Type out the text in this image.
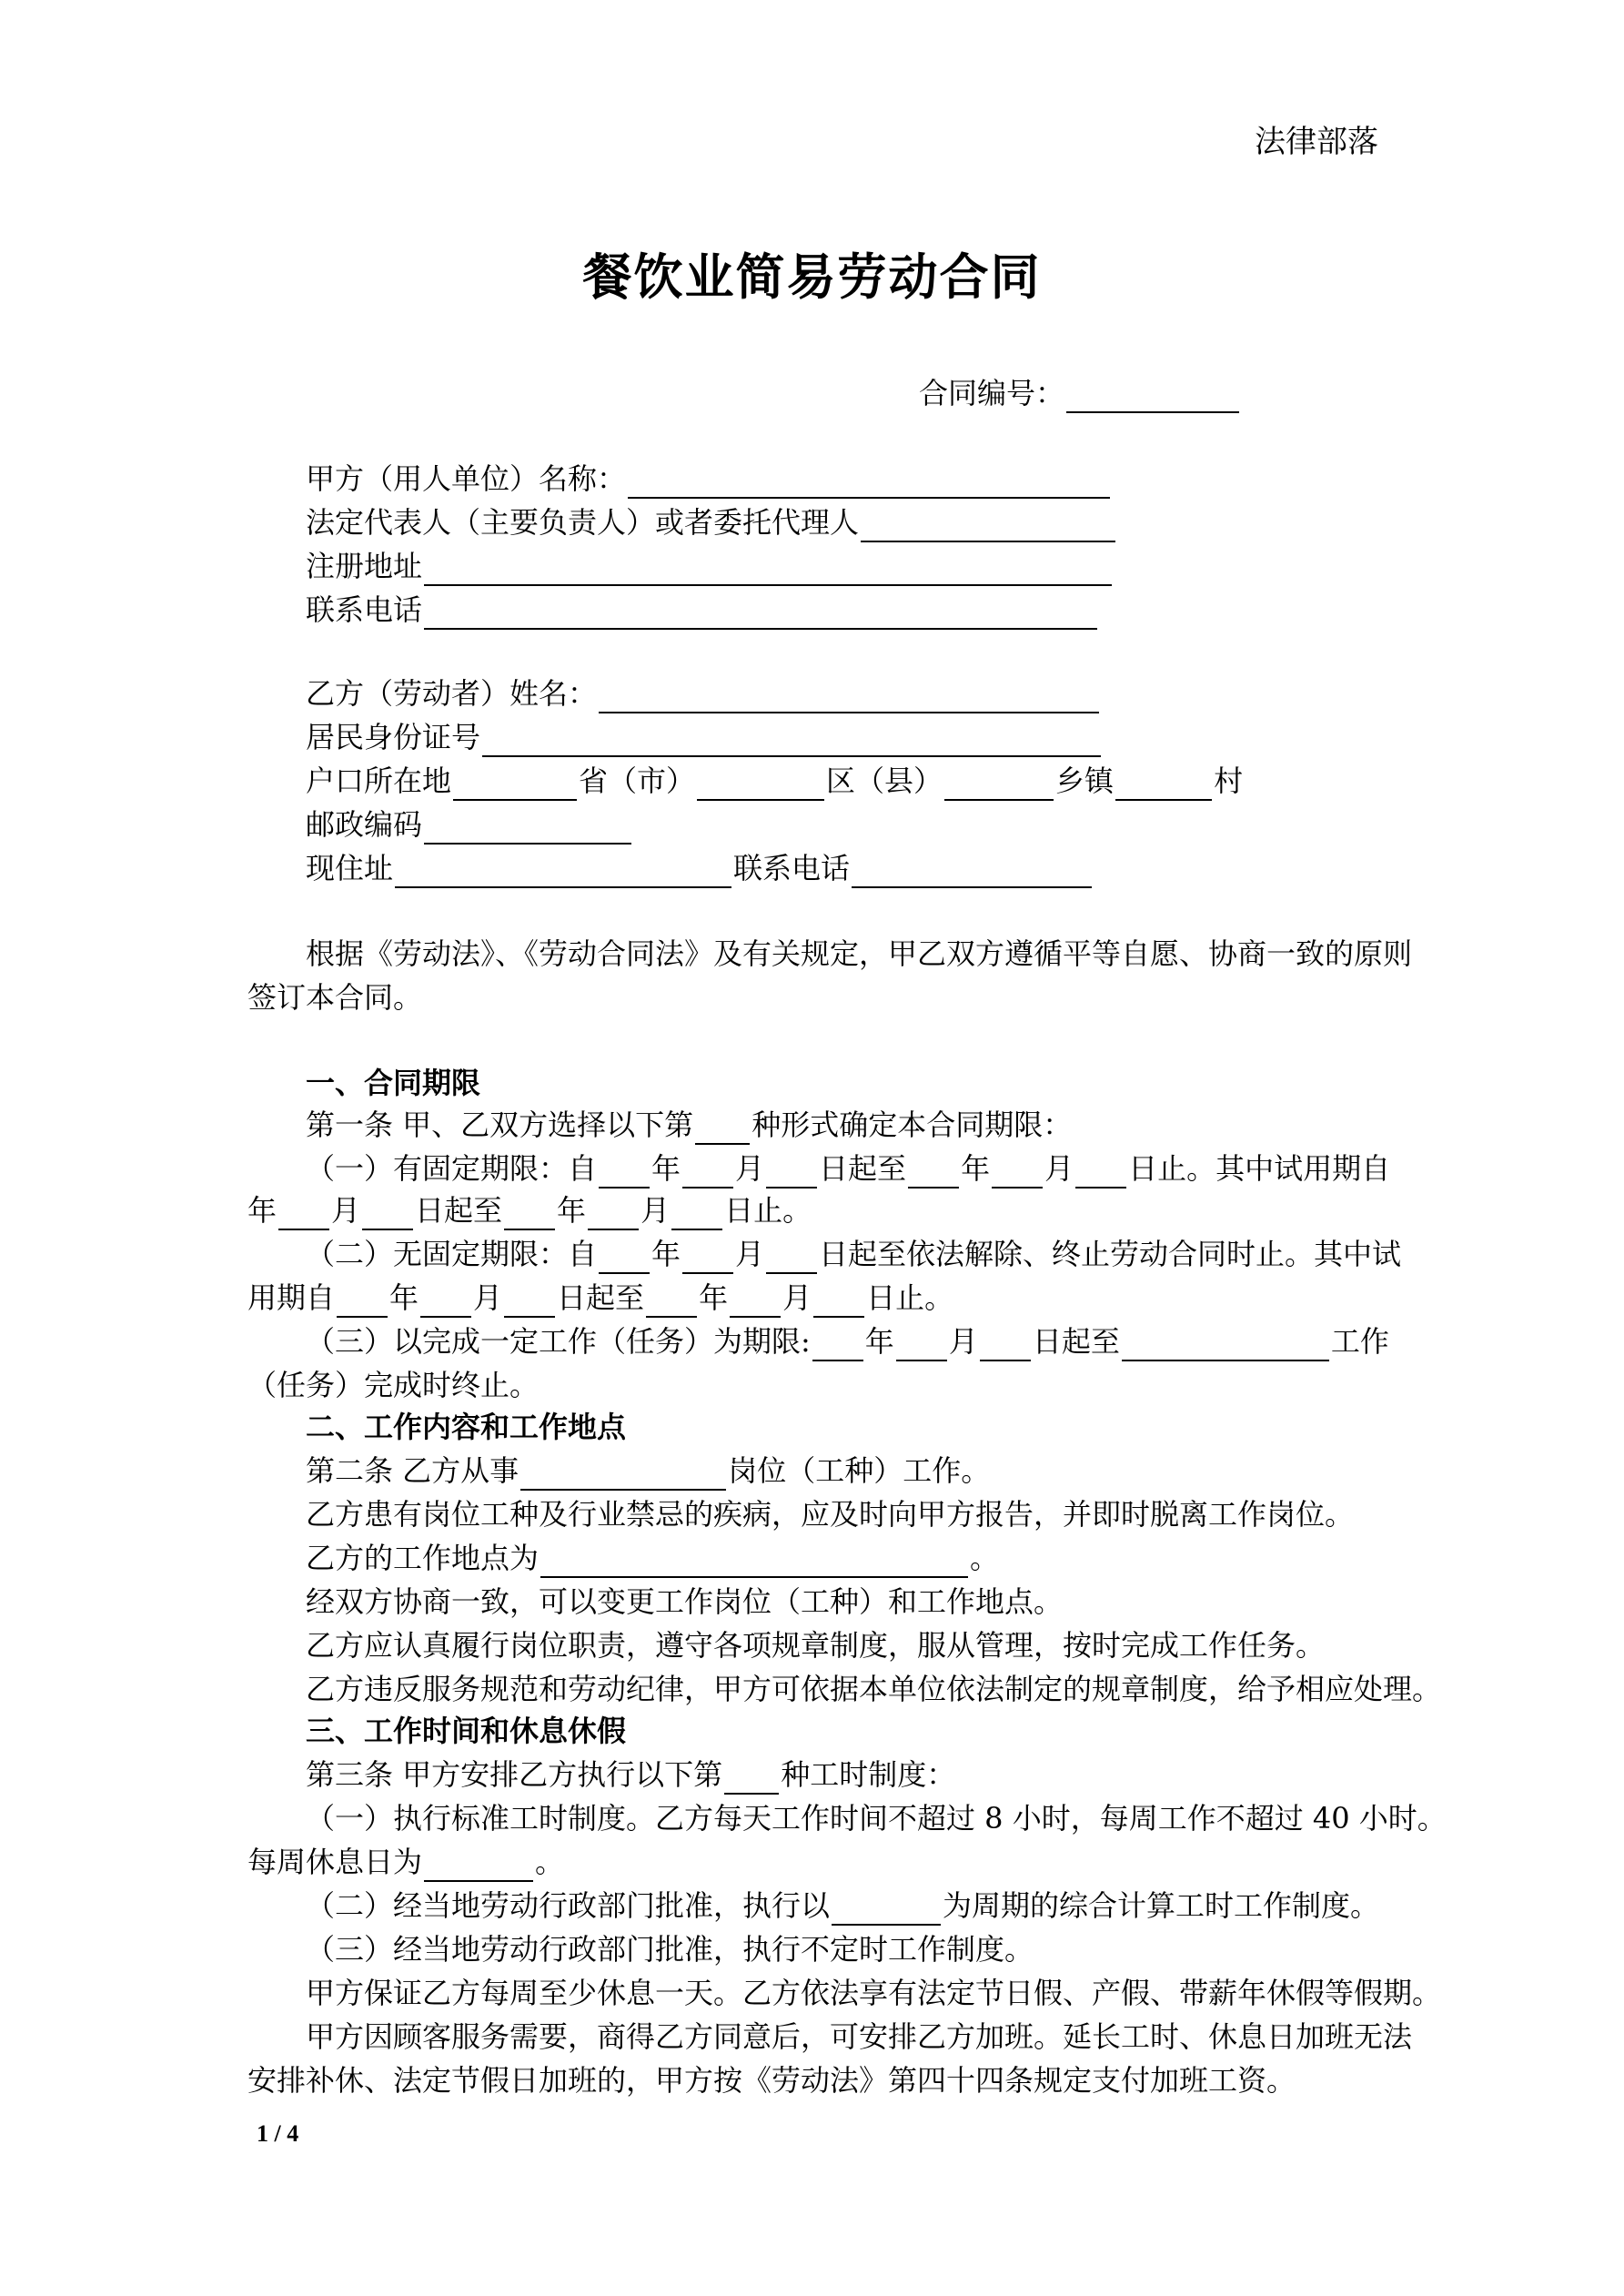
法律部落
餐饮业简易劳动合同
合同编号：
甲方（用人单位）名称：
法定代表人（主要负责人）或者委托代理人
注册地址
联系电话
乙方（劳动者）姓名：
居民身份证号
户口所在地	省（市）	区（县）	乡镇	村
邮政编码
现住址	联系电话
根据《劳动法》、《劳动合同法》及有关规定，甲乙双方遵循平等自愿、协商一致的原则
签订本合同。
一、合同期限
第一条 甲、乙双方选择以下第 种形式确定本合同期限：
（一）有固定期限：自 年 月 日起至 年 月 日止。其中试用期自
年 月 日起至 年 月 日止。
（二）无固定期限：自 年 月 日起至依法解除、终止劳动合同时止。其中试
用期自 年 月 日起至 年 月 日止。
（三）以完成一定工作（任务）为期限: 年 月 日起至	工作
（任务）完成时终止。
二、工作内容和工作地点
第二条 乙方从事	岗位（工种）工作。
乙方患有岗位工种及行业禁忌的疾病，应及时向甲方报告，并即时脱离工作岗位。
乙方的工作地点为	。
经双方协商一致，可以变更工作岗位（工种）和工作地点。
乙方应认真履行岗位职责，遵守各项规章制度，服从管理，按时完成工作任务。
乙方违反服务规范和劳动纪律，甲方可依据本单位依法制定的规章制度，给予相应处理。
三、工作时间和休息休假
第三条 甲方安排乙方执行以下第 种工时制度：
（一）执行标准工时制度。乙方每天工作时间不超过 8 小时，每周工作不超过 40 小时。
每周休息日为	。
（二）经当地劳动行政部门批准，执行以	为周期的综合计算工时工作制度。
（三）经当地劳动行政部门批准，执行不定时工作制度。
甲方保证乙方每周至少休息一天。乙方依法享有法定节日假、产假、带薪年休假等假期。
甲方因顾客服务需要，商得乙方同意后，可安排乙方加班。延长工时、休息日加班无法
安排补休、法定节假日加班的，甲方按《劳动法》第四十四条规定支付加班工资。
1 / 4
